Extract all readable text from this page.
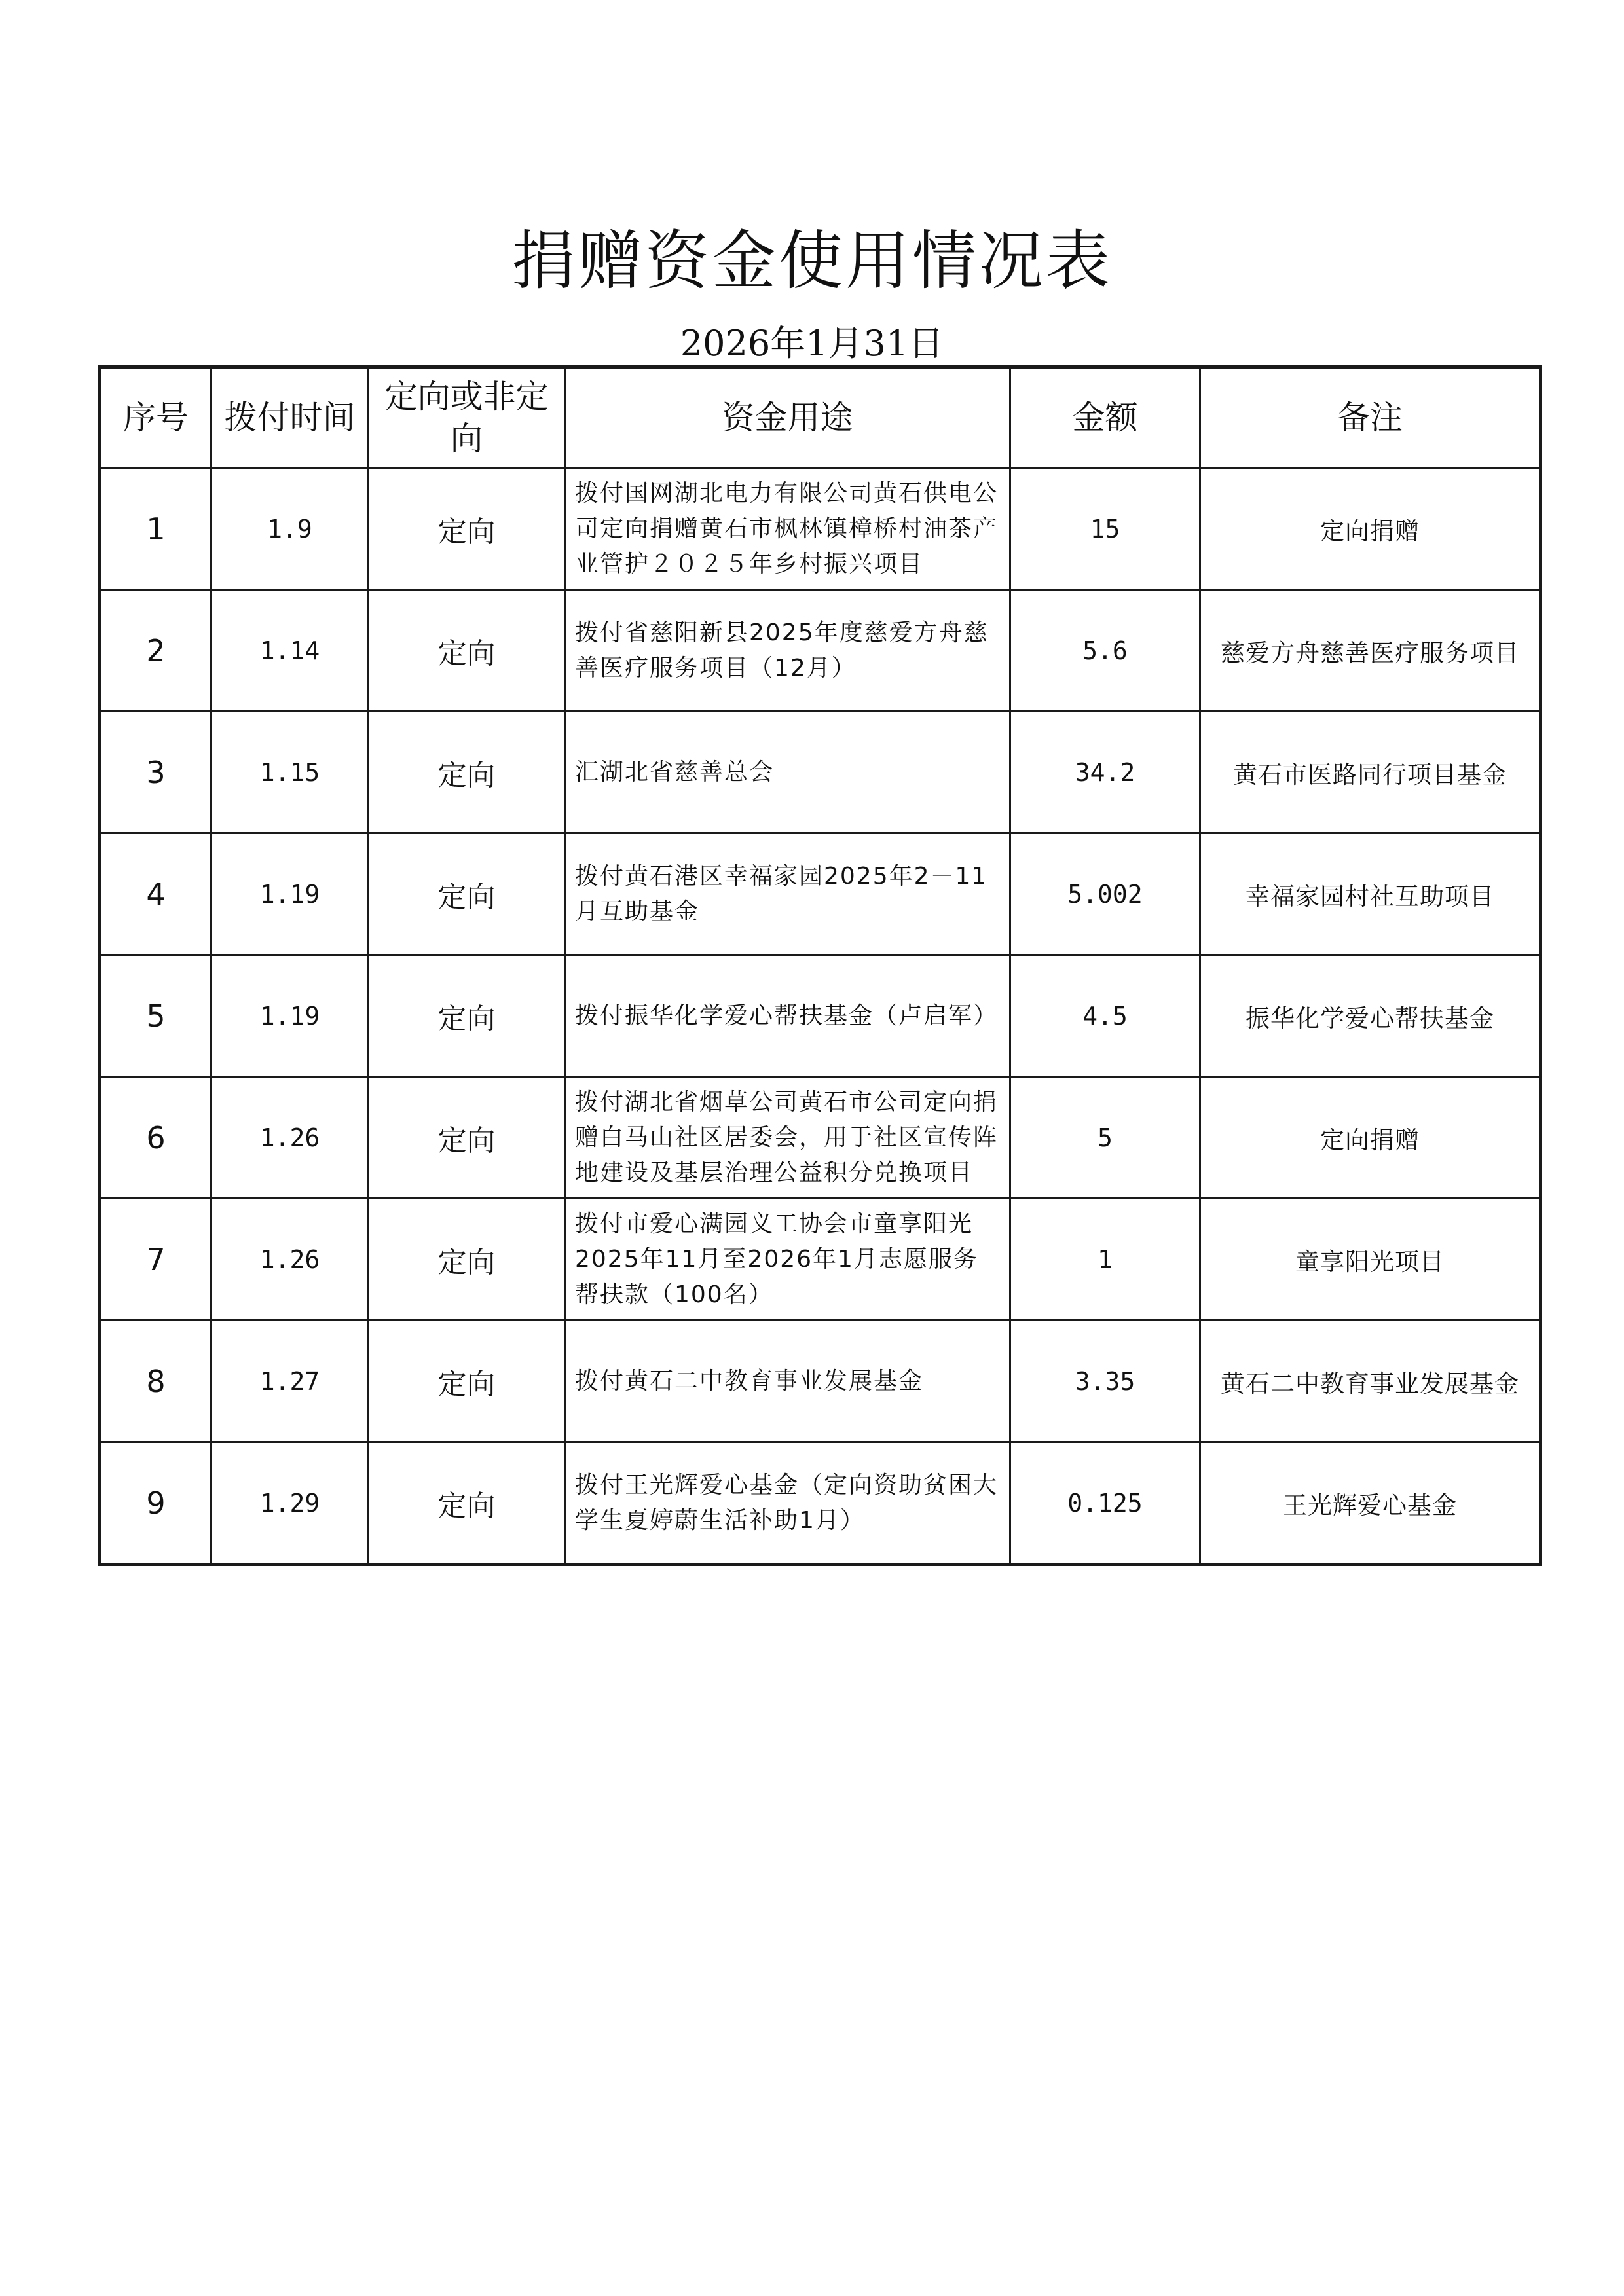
捐赠资金使用情况表
2026年1月31日
序号	拨付时间	定向或非定向	资金用途	金额	备注
1	1.9	定向	拨付国网湖北电力有限公司黄石供电公司定向捐赠黄石市枫林镇樟桥村油茶产业管护２０２５年乡村振兴项目	15	定向捐赠
2	1.14	定向	拨付省慈阳新县2025年度慈爱方舟慈善医疗服务项目（12月）	5.6	慈爱方舟慈善医疗服务项目
3	1.15	定向	汇湖北省慈善总会	34.2	黄石市医路同行项目基金
4	1.19	定向	拨付黄石港区幸福家园2025年2－11月互助基金	5.002	幸福家园村社互助项目
5	1.19	定向	拨付振华化学爱心帮扶基金（卢启军）	4.5	振华化学爱心帮扶基金
6	1.26	定向	拨付湖北省烟草公司黄石市公司定向捐赠白马山社区居委会，用于社区宣传阵地建设及基层治理公益积分兑换项目	5	定向捐赠
7	1.26	定向	拨付市爱心满园义工协会市童享阳光2025年11月至2026年1月志愿服务帮扶款（100名）	1	童享阳光项目
8	1.27	定向	拨付黄石二中教育事业发展基金	3.35	黄石二中教育事业发展基金
9	1.29	定向	拨付王光辉爱心基金（定向资助贫困大学生夏婷蔚生活补助1月）	0.125	王光辉爱心基金
